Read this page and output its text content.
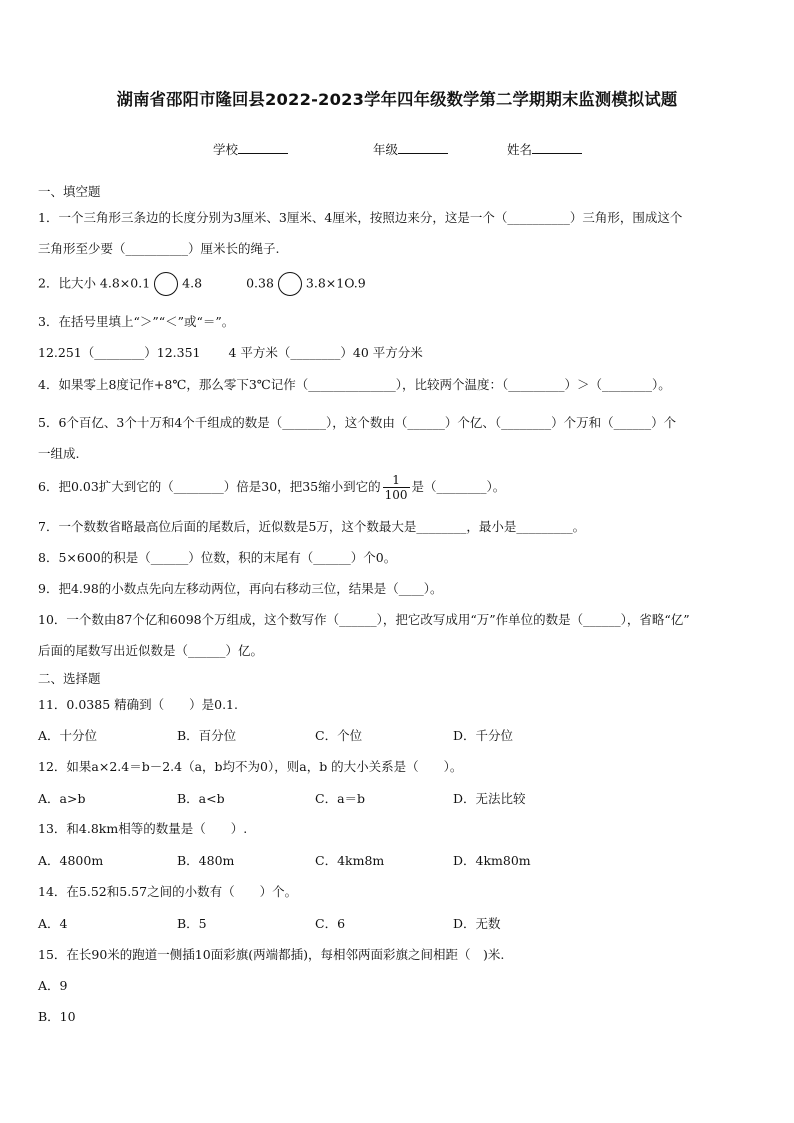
湖南省邵阳市隆回县2022-2023学年四年级数学第二学期期末监测模拟试题
学校	年级	姓名
一、填空题
1．一个三角形三条边的长度分别为3厘米、3厘米、4厘米，按照边来分，这是一个（__________）三角形，围成这个
三角形至少要（__________）厘米长的绳子.
2．比大小 4.8×0.1	4.8	0.38	3.8×1O.9
3．在括号里填上“＞”“＜”或“＝”。
12.251（________）12.351 4 平方米（________）40 平方分米
4．如果零上8度记作+8℃，那么零下3℃记作（______________），比较两个温度：（_________）＞（________）。
5．6个百亿、3个十万和4个千组成的数是（_______），这个数由（______）个亿、（________）个万和（______）个
一组成.
6．把0.03扩大到它的（________）倍是30，把35缩小到它的 $\frac{1}{100}$ 是（________）。
7．一个数数省略最高位后面的尾数后，近似数是5万，这个数最大是________，最小是_________。
8．5×600的积是（______）位数，积的末尾有（______）个0。
9．把4.98的小数点先向左移动两位，再向右移动三位，结果是（____）。
10．一个数由87个亿和6098个万组成，这个数写作（______），把它改写成用“万”作单位的数是（______），省略“亿”
后面的尾数写出近似数是（______）亿。
二、选择题
11．0.0385 精确到（　　）是0.1.
A．十分位	B．百分位	C．个位	D．千分位
12．如果a×2.4＝b－2.4（a，b均不为0），则a，b 的大小关系是（　　）。
A．a>b	B．a<b	C．a＝b	D．无法比较
13．和4.8km相等的数量是（　　）.
A．4800m	B．480m	C．4km8m	D．4km80m
14．在5.52和5.57之间的小数有（　　）个。
A．4	B．5	C．6	D．无数
15．在长90米的跑道一侧插10面彩旗(两端都插)，每相邻两面彩旗之间相距（　)米.
A．9
B．10
